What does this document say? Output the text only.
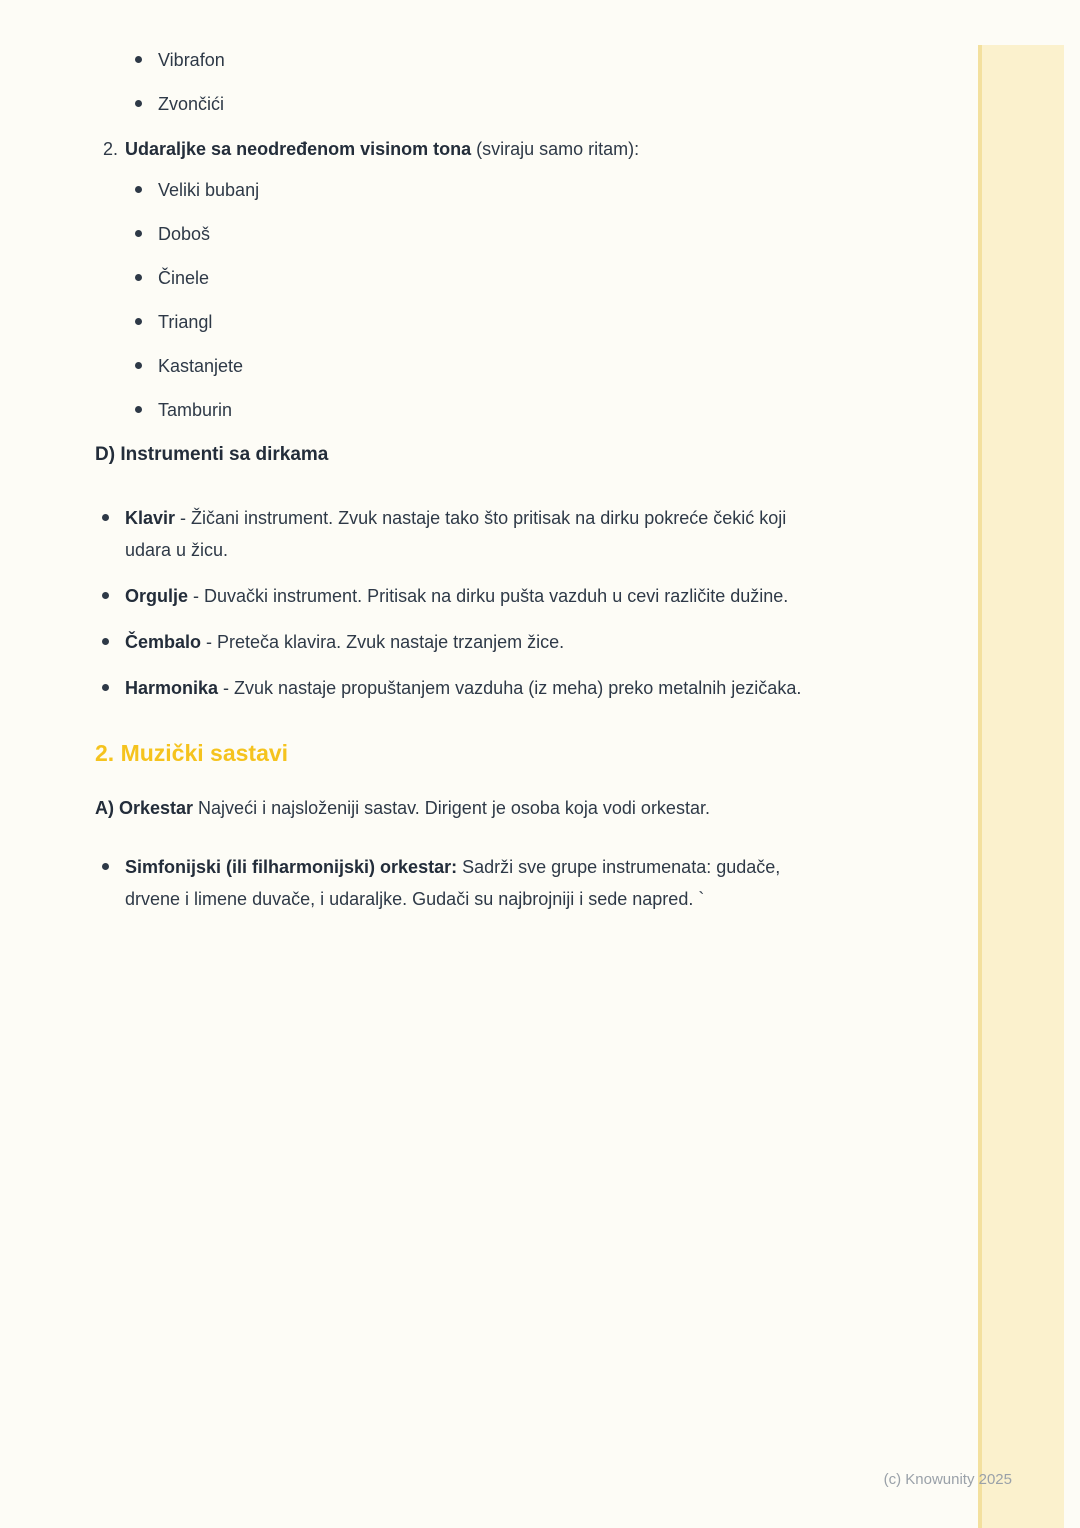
Vibrafon
Zvončići
2. Udaraljke sa neodređenom visinom tona (sviraju samo ritam):
Veliki bubanj
Doboš
Činele
Triangl
Kastanjete
Tamburin
D) Instrumenti sa dirkama
Klavir - Žičani instrument. Zvuk nastaje tako što pritisak na dirku pokreće čekić koji udara u žicu.
Orgulje - Duvački instrument. Pritisak na dirku pušta vazduh u cevi različite dužine.
Čembalo - Preteča klavira. Zvuk nastaje trzanjem žice.
Harmonika - Zvuk nastaje propuštanjem vazduha (iz meha) preko metalnih jezičaka.
2. Muzički sastavi

A) Orkestar Najveći i najsloženiji sastav. Dirigent je osoba koja vodi orkestar.

Simfonijski (ili filharmonijski) orkestar: Sadrži sve grupe instrumenata: gudače, drvene i limene duvače, i udaraljke. Gudači su najbrojniji i sede napred. `
(c) Knowunity 2025
